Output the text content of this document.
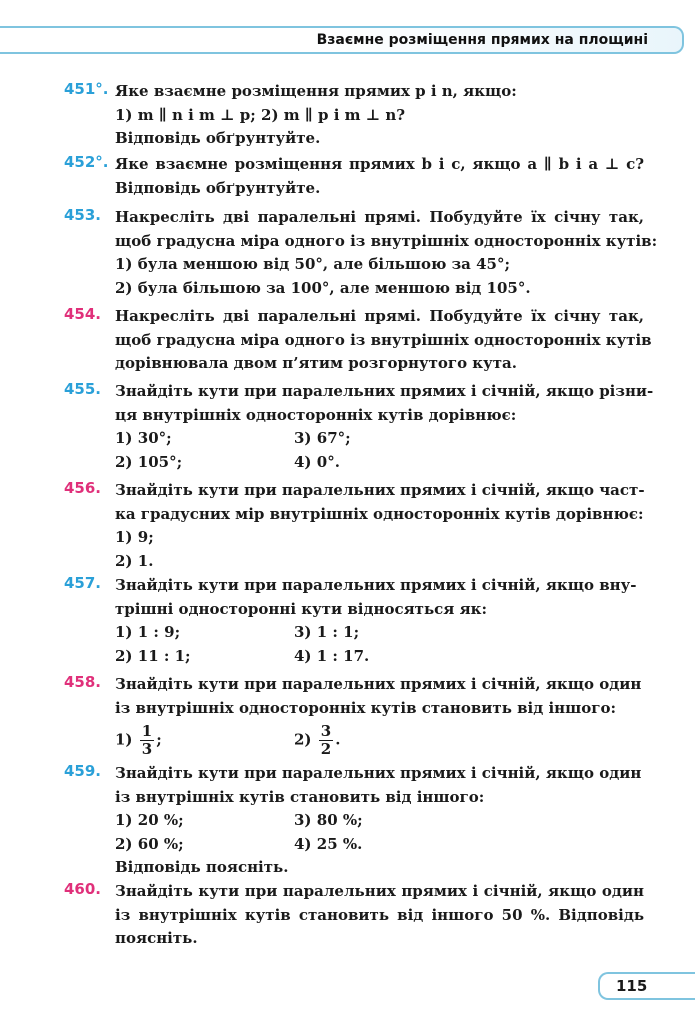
Взаємне розміщення прямих на площині
451°. Яке взаємне розміщення прямих p і n, якщо:
1) m ∥ n і m ⊥ p; 2) m ∥ p і m ⊥ n?
Відповідь обґрунтуйте.
452°. Яке взаємне розміщення прямих b і c, якщо a ∥ b і a ⊥ c?
Відповідь обґрунтуйте.
453. Накресліть дві паралельні прямі. Побудуйте їх січну так,
щоб градусна міра одного із внутрішніх односторонніх кутів:
1) була меншою від 50°, але більшою за 45°;
2) була більшою за 100°, але меншою від 105°.
454. Накресліть дві паралельні прямі. Побудуйте їх січну так,
щоб градусна міра одного із внутрішніх односторонніх кутів
дорівнювала двом п’ятим розгорнутого кута.
455. Знайдіть кути при паралельних прямих і січній, якщо різни-
ця внутрішніх односторонніх кутів дорівнює:
1) 30°;	3) 67°;
2) 105°;	4) 0°.
456. Знайдіть кути при паралельних прямих і січній, якщо част-
ка градусних мір внутрішніх односторонніх кутів дорівнює:
1) 9;
2) 1.
457. Знайдіть кути при паралельних прямих і січній, якщо вну-
трішні односторонні кути відносяться як:
1) 1 : 9;	3) 1 : 1;
2) 11 : 1;	4) 1 : 17.
458. Знайдіть кути при паралельних прямих і січній, якщо один
із внутрішніх односторонніх кутів становить від іншого:
$1) \frac{1}{3}$ ;	$2) \frac{3}{2}$ .
459. Знайдіть кути при паралельних прямих і січній, якщо один
із внутрішніх кутів становить від іншого:
1) 20 %;	3) 80 %;
2) 60 %;	4) 25 %.
Відповідь поясніть.
460. Знайдіть кути при паралельних прямих і січній, якщо один
із внутрішніх кутів становить від іншого 50 %. Відповідь
поясніть.
115
